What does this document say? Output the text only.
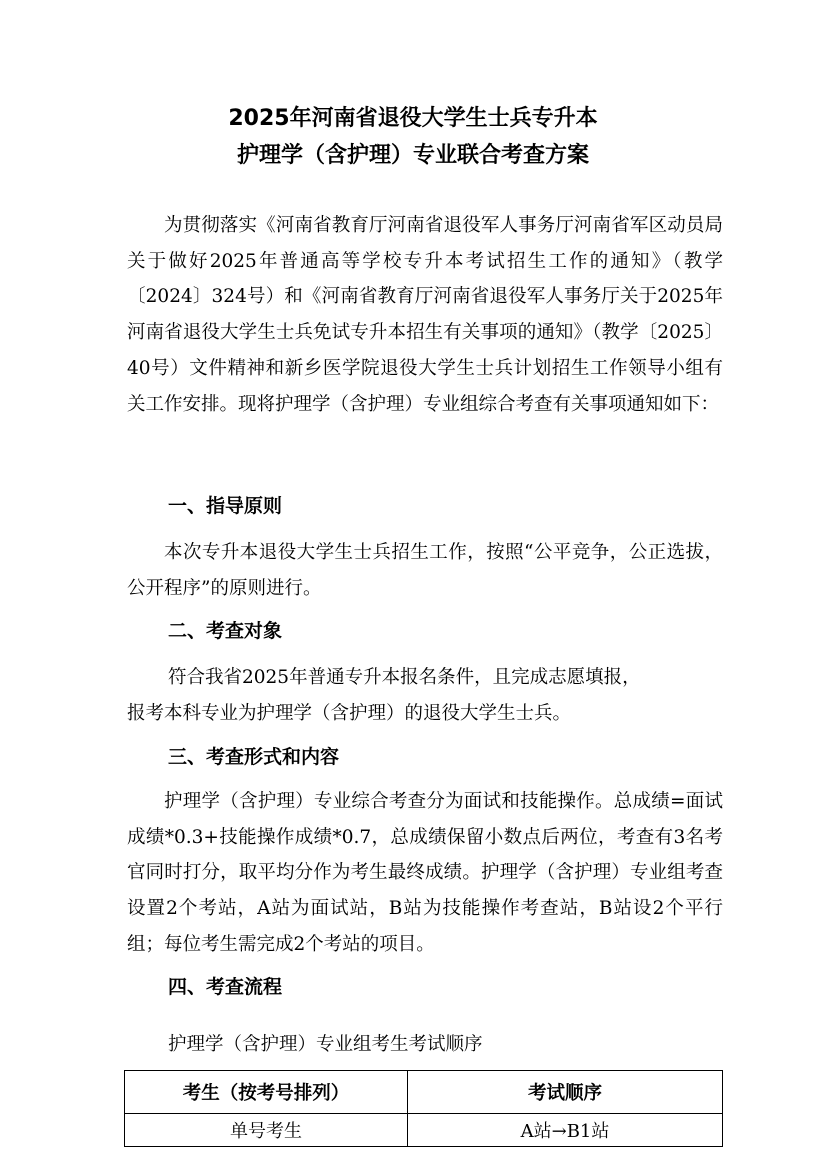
2025年河南省退役大学生士兵专升本
护理学（含护理）专业联合考查方案

为贯彻落实《河南省教育厅河南省退役军人事务厅河南省军区动员局关于做好2025年普通高等学校专升本考试招生工作的通知》（教学〔2024〕324号）和《河南省教育厅河南省退役军人事务厅关于2025年河南省退役大学生士兵免试专升本招生有关事项的通知》（教学〔2025〕40号）文件精神和新乡医学院退役大学生士兵计划招生工作领导小组有关工作安排。现将护理学（含护理）专业组综合考查有关事项通知如下：

一、指导原则

本次专升本退役大学生士兵招生工作，按照“公平竞争，公正选拔，公开程序”的原则进行。

二、考查对象
符合我省2025年普通专升本报名条件，且完成志愿填报，
报考本科专业为护理学（含护理）的退役大学生士兵。
三、考查形式和内容

护理学（含护理）专业综合考查分为面试和技能操作。总成绩=面试成绩*0.3+技能操作成绩*0.7，总成绩保留小数点后两位，考查有3名考官同时打分，取平均分作为考生最终成绩。护理学（含护理）专业组考查设置2个考站，A站为面试站，B站为技能操作考查站，B站设2个平行组；每位考生需完成2个考站的项目。

四、考查流程
护理学（含护理）专业组考生考试顺序
考生（按考号排列）	考试顺序
单号考生	A站→B1站
